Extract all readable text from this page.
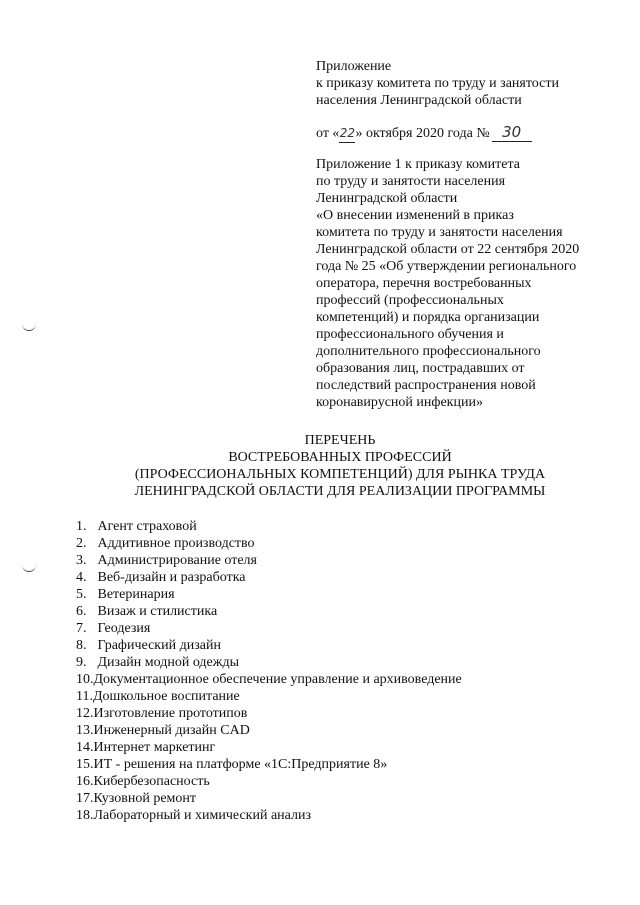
Приложение
к приказу комитета по труду и занятости
населения Ленинградской области
от «22» октября 2020 года № 30
Приложение 1 к приказу комитета
по труду и занятости населения
Ленинградской области
«О внесении изменений в приказ
комитета по труду и занятости населения
Ленинградской области от 22 сентября 2020
года № 25 «Об утверждении регионального
оператора, перечня востребованных
профессий (профессиональных
компетенций) и порядка организации
профессионального обучения и
дополнительного профессионального
образования лиц, пострадавших от
последствий распространения новой
коронавирусной инфекции»
ПЕРЕЧЕНЬ
ВОСТРЕБОВАННЫХ ПРОФЕССИЙ
(ПРОФЕССИОНАЛЬНЫХ КОМПЕТЕНЦИЙ) ДЛЯ РЫНКА ТРУДА
ЛЕНИНГРАДСКОЙ ОБЛАСТИ ДЛЯ РЕАЛИЗАЦИИ ПРОГРАММЫ
1. Агент страховой
2. Аддитивное производство
3. Администрирование отеля
4. Веб-дизайн и разработка
5. Ветеринария
6. Визаж и стилистика
7. Геодезия
8. Графический дизайн
9. Дизайн модной одежды
10.Документационное обеспечение управление и архивоведение
11.Дошкольное воспитание
12.Изготовление прототипов
13.Инженерный дизайн CAD
14.Интернет маркетинг
15.ИТ - решения на платформе «1С:Предприятие 8»
16.Кибербезопасность
17.Кузовной ремонт
18.Лабораторный и химический анализ
